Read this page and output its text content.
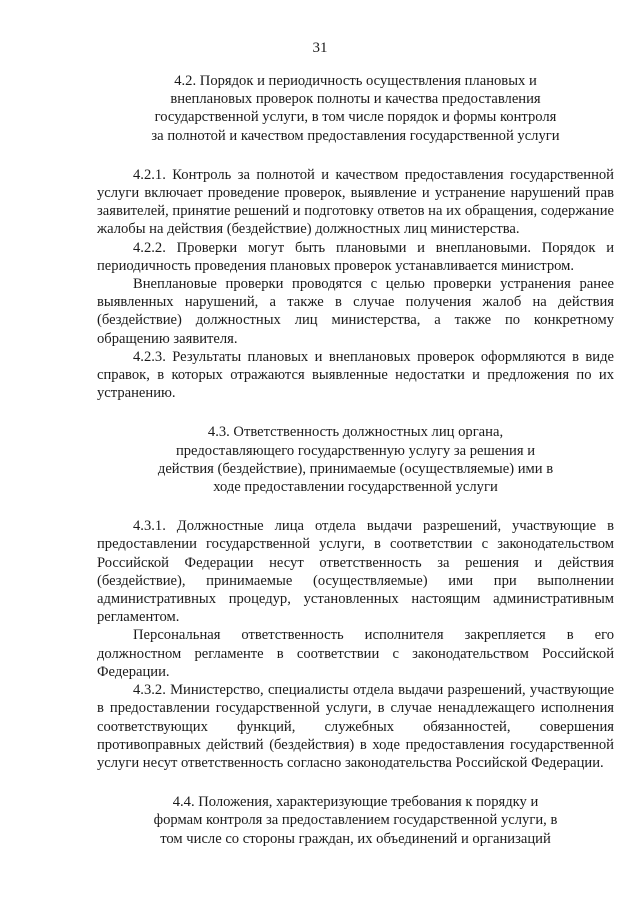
31
4.2. Порядок и периодичность осуществления плановых и
внеплановых проверок полноты и качества предоставления
государственной услуги, в том числе порядок и формы контроля
за полнотой и качеством предоставления государственной услуги

4.2.1. Контроль за полнотой и качеством предоставления государственной услуги включает проведение проверок, выявление и устранение нарушений прав заявителей, принятие решений и подготовку ответов на их обращения, содержание жалобы на действия (бездействие) должностных лиц министерства.

4.2.2. Проверки могут быть плановыми и внеплановыми. Порядок и периодичность проведения плановых проверок устанавливается министром.

Внеплановые проверки проводятся с целью проверки устранения ранее выявленных нарушений, а также в случае получения жалоб на действия (бездействие) должностных лиц министерства, а также по конкретному обращению заявителя.

4.2.3. Результаты плановых и внеплановых проверок оформляются в виде справок, в которых отражаются выявленные недостатки и предложения по их устранению.

4.3. Ответственность должностных лиц органа,
предоставляющего государственную услугу за решения и
действия (бездействие), принимаемые (осуществляемые) ими в
ходе предоставлении государственной услуги

4.3.1. Должностные лица отдела выдачи разрешений, участвующие в предоставлении государственной услуги, в соответствии с законодательством Российской Федерации несут ответственность за решения и действия (бездействие), принимаемые (осуществляемые) ими при выполнении административных процедур, установленных настоящим административным регламентом.

Персональная ответственность исполнителя закрепляется в его должностном регламенте в соответствии с законодательством Российской Федерации.

4.3.2. Министерство, специалисты отдела выдачи разрешений, участвующие в предоставлении государственной услуги, в случае ненадлежащего исполнения соответствующих функций, служебных обязанностей, совершения противоправных действий (бездействия) в ходе предоставления государственной услуги несут ответственность согласно законодательства Российской Федерации.

4.4. Положения, характеризующие требования к порядку и
формам контроля за предоставлением государственной услуги, в
том числе со стороны граждан, их объединений и организаций
